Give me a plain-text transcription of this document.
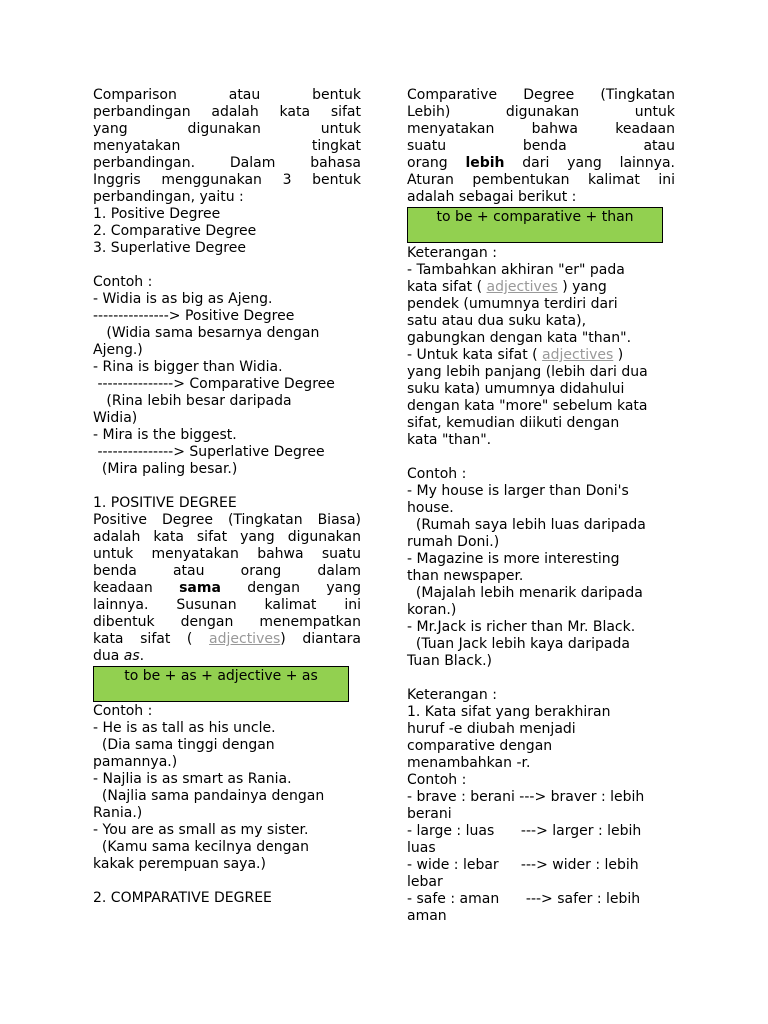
Comparison	atau	bentuk

perbandingan adalah kata sifat

yang digunakan untuk

menyatakan tingkat

perbandingan. Dalam bahasa

Inggris menggunakan 3 bentuk

perbandingan, yaitu :

1. Positive Degree

2. Comparative Degree

3. Superlative Degree

Contoh :

- Widia is as big as Ajeng.

---------------> Positive Degree

(Widia sama besarnya dengan

Ajeng.)

- Rina is bigger than Widia.

---------------> Comparative Degree

(Rina lebih besar daripada

Widia)

- Mira is the biggest.

---------------> Superlative Degree

(Mira paling besar.)

1. POSITIVE DEGREE

Positive Degree (Tingkatan Biasa)

adalah kata sifat yang digunakan

untuk menyatakan bahwa suatu

benda atau orang dalam

keadaan sama dengan yang

lainnya. Susunan kalimat ini

dibentuk dengan menempatkan

kata sifat ( adjectives) diantara

dua as.

to be + as + adjective + as

Contoh :

- He is as tall as his uncle.

(Dia sama tinggi dengan

pamannya.)

- Najlia is as smart as Rania.

(Najlia sama pandainya dengan

Rania.)

- You are as small as my sister.

(Kamu sama kecilnya dengan

kakak perempuan saya.)

2. COMPARATIVE DEGREE

Comparative Degree (Tingkatan

Lebih) digunakan untuk

menyatakan bahwa keadaan

suatu benda atau

orang lebih dari yang lainnya.

Aturan pembentukan kalimat ini

adalah sebagai berikut :

to be + comparative + than

Keterangan :

- Tambahkan akhiran "er" pada

kata sifat ( adjectives ) yang

pendek (umumnya terdiri dari

satu atau dua suku kata),

gabungkan dengan kata "than".

- Untuk kata sifat ( adjectives )

yang lebih panjang (lebih dari dua

suku kata) umumnya didahului

dengan kata "more" sebelum kata

sifat, kemudian diikuti dengan

kata "than".

Contoh :

- My house is larger than Doni's

house.

(Rumah saya lebih luas daripada

rumah Doni.)

- Magazine is more interesting

than newspaper.

(Majalah lebih menarik daripada

koran.)

- Mr.Jack is richer than Mr. Black.

(Tuan Jack lebih kaya daripada

Tuan Black.)

Keterangan :

1. Kata sifat yang berakhiran

huruf -e diubah menjadi

comparative dengan

menambahkan -r.

Contoh :

- brave : berani ---> braver : lebih

berani

- large : luas      ---> larger : lebih

luas

- wide : lebar     ---> wider : lebih

lebar

- safe : aman      ---> safer : lebih

aman
